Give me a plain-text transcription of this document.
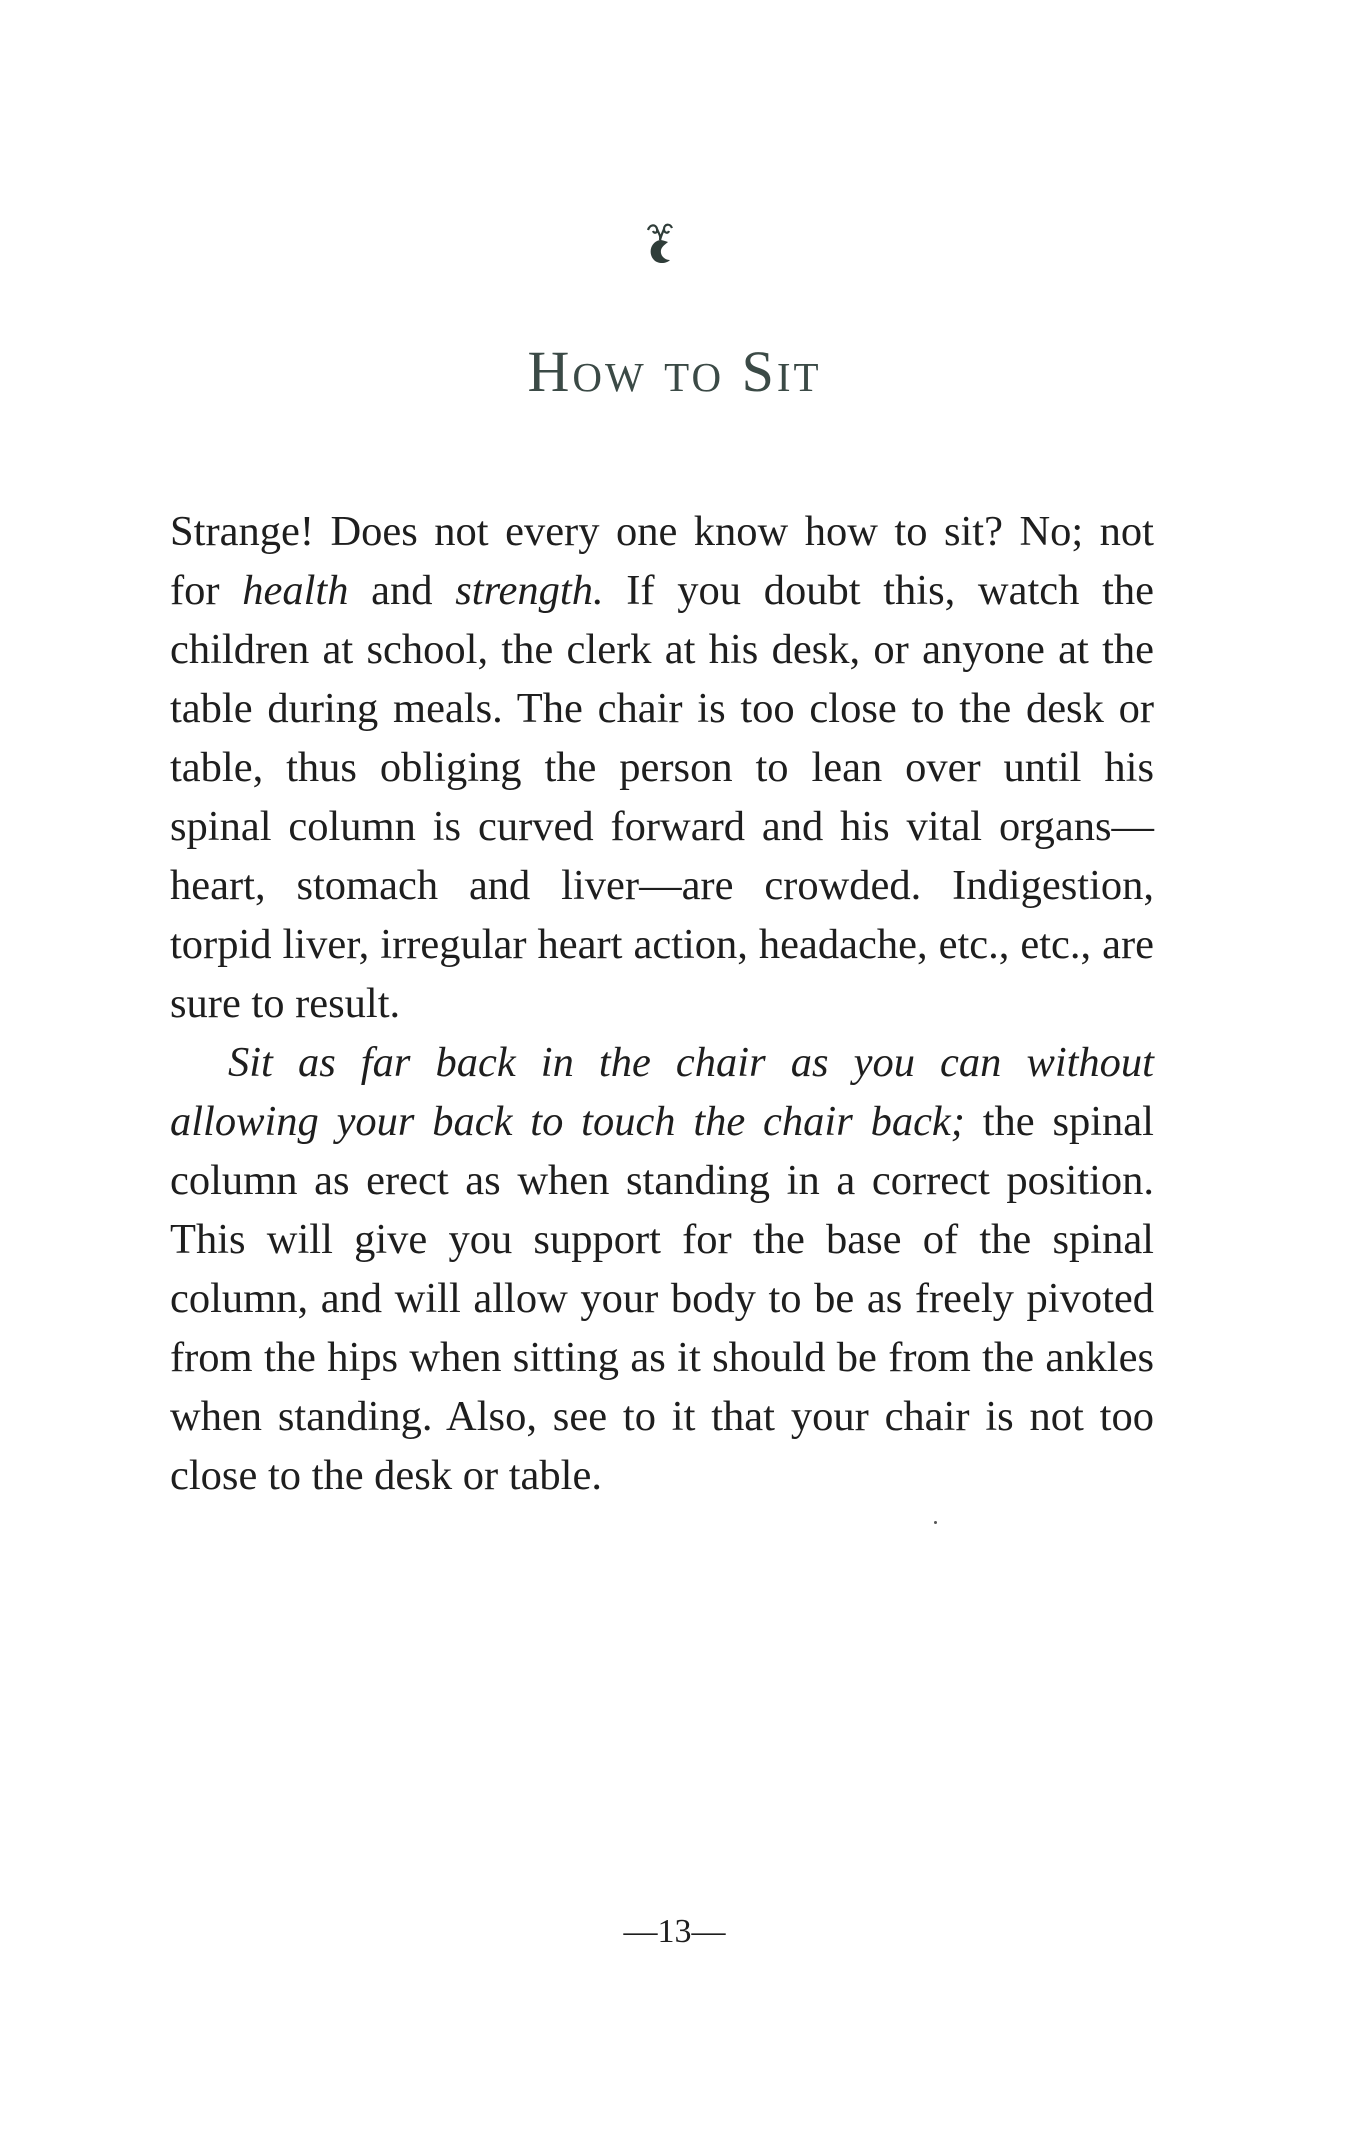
How to Sit

Strange! Does not every one know how to sit? No; not for health and strength. If you doubt this, watch the children at school, the clerk at his desk, or anyone at the table during meals. The chair is too close to the desk or table, thus obliging the person to lean over until his spinal column is curved forward and his vital organs—heart, stomach and liver—are crowded. Indigestion, torpid liver, irregular heart action, headache, etc., etc., are sure to result.

Sit as far back in the chair as you can without allowing your back to touch the chair back; the spinal column as erect as when standing in a correct position. This will give you support for the base of the spinal column, and will allow your body to be as freely pivoted from the hips when sitting as it should be from the ankles when standing. Also, see to it that your chair is not too close to the desk or table.

—13—
